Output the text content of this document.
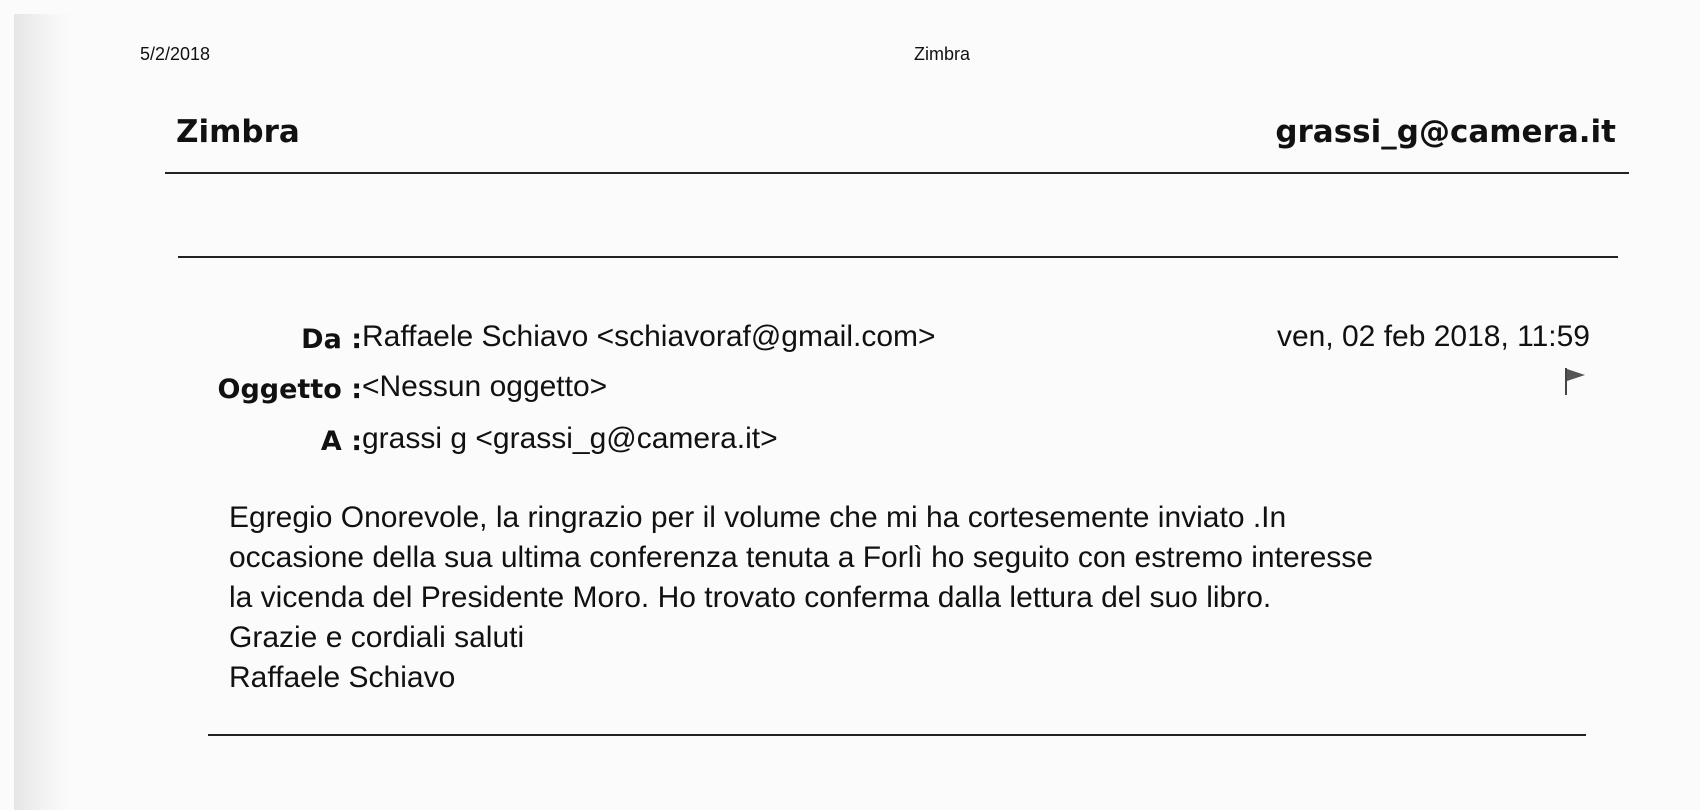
5/2/2018	Zimbra
Zimbra	grassi_g@camera.it
Da : Raffaele Schiavo <schiavoraf@gmail.com>	ven, 02 feb 2018, 11:59
Oggetto : <Nessun oggetto>
A : grassi g <grassi_g@camera.it>
Egregio Onorevole, la ringrazio per il volume che mi ha cortesemente inviato .In
occasione della sua ultima conferenza tenuta a Forlì ho seguito con estremo interesse
la vicenda del Presidente Moro. Ho trovato conferma dalla lettura del suo libro.
Grazie e cordiali saluti
Raffaele Schiavo
